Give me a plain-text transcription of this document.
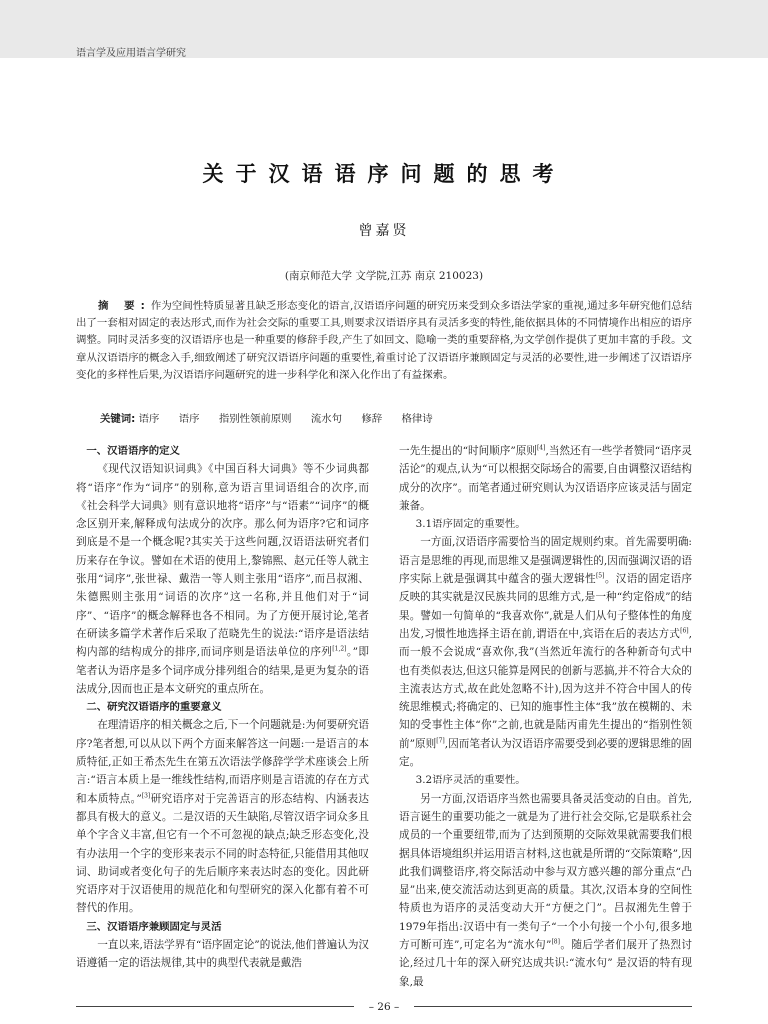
语言学及应用语言学研究
关于汉语语序问题的思考
曾嘉贤
(南京师范大学 文学院,江苏 南京 210023)
摘 要:作为空间性特质显著且缺乏形态变化的语言,汉语语序问题的研究历来受到众多语法学家的重视,通过多年研究他们总结出了一套相对固定的表达形式,而作为社会交际的重要工具,则要求汉语语序具有灵活多变的特性,能依据具体的不同情境作出相应的语序调整。同时灵活多变的汉语语序也是一种重要的修辞手段,产生了如回文、隐喻一类的重要辞格,为文学创作提供了更加丰富的手段。文章从汉语语序的概念入手,细致阐述了研究汉语语序问题的重要性,着重讨论了汉语语序兼顾固定与灵活的必要性,进一步阐述了汉语语序变化的多样性后果,为汉语语序问题研究的进一步科学化和深入化作出了有益探索。
关键词: 语序 语序 指别性领前原则 流水句 修辞 格律诗
一、汉语语序的定义

《现代汉语知识词典》《中国百科大词典》等不少词典都将“语序”作为“词序”的别称,意为语言里词语组合的次序,而《社会科学大词典》则有意识地将“语序”与“语素”“词序”的概念区别开来,解释成句法成分的次序。那么何为语序?它和词序到底是不是一个概念呢?其实关于这些问题,汉语语法研究者们历来存在争议。譬如在术语的使用上,黎锦熙、赵元任等人就主张用“词序”,张世禄、戴浩一等人则主张用“语序”,而吕叔湘、朱德熙则主张用“词语的次序”这一名称,并且他们对于“词序”、“语序”的概念解释也各不相同。为了方便开展讨论,笔者在研读多篇学术著作后采取了范晓先生的说法:“语序是语法结构内部的结构成分的排序,而词序则是语法单位的序列[1,2]。”即笔者认为语序是多个词序成分排列组合的结果,是更为复杂的语法成分,因而也正是本文研究的重点所在。

二、研究汉语语序的重要意义

在理清语序的相关概念之后,下一个问题就是:为何要研究语序?笔者想,可以从以下两个方面来解答这一问题:一是语言的本质特征,正如王希杰先生在第五次语法学修辞学学术座谈会上所言:“语言本质上是一维线性结构,而语序则是言语流的存在方式和本质特点。”[3]研究语序对于完善语言的形态结构、内涵表达都具有极大的意义。二是汉语的天生缺陷,尽管汉语字词众多且单个字含义丰富,但它有一个不可忽视的缺点;缺乏形态变化,没有办法用一个字的变形来表示不同的时态特征,只能借用其他叹词、助词或者变化句子的先后顺序来表达时态的变化。因此研究语序对于汉语使用的规范化和句型研究的深入化都有着不可替代的作用。

三、汉语语序兼顾固定与灵活

一直以来,语法学界有“语序固定论”的说法,他们普遍认为汉语遵循一定的语法规律,其中的典型代表就是戴浩

一先生提出的“时间顺序”原则[4],当然还有一些学者赞同“语序灵活论”的观点,认为“可以根据交际场合的需要,自由调整汉语结构成分的次序”。而笔者通过研究则认为汉语语序应该灵活与固定兼备。
3.1语序固定的重要性。

一方面,汉语语序需要恰当的固定规则约束。首先需要明确:语言是思维的再现,而思维又是强调逻辑性的,因而强调汉语的语序实际上就是强调其中蕴含的强大逻辑性[5]。汉语的固定语序反映的其实就是汉民族共同的思维方式,是一种“约定俗成”的结果。譬如一句简单的“我喜欢你”,就是人们从句子整体性的角度出发,习惯性地选择主语在前,谓语在中,宾语在后的表达方式[6],而一般不会说成“喜欢你,我”(当然近年流行的各种新奇句式中也有类似表达,但这只能算是网民的创新与恶搞,并不符合大众的主流表达方式,故在此处忽略不计),因为这并不符合中国人的传统思维模式;将确定的、已知的施事性主体“我”放在模糊的、未知的受事性主体“你”之前,也就是陆丙甫先生提出的“指别性领前”原则[7],因而笔者认为汉语语序需要受到必要的逻辑思维的固定。

3.2语序灵活的重要性。

另一方面,汉语语序当然也需要具备灵活变动的自由。首先,语言诞生的重要功能之一就是为了进行社会交际,它是联系社会成员的一个重要纽带,而为了达到预期的交际效果就需要我们根据具体语境组织并运用语言材料,这也就是所谓的“交际策略”,因此我们调整语序,将交际活动中参与双方感兴趣的部分重点“凸显”出来,使交流活动达到更高的质量。其次,汉语本身的空间性特质也为语序的灵活变动大开“方便之门”。吕叔湘先生曾于1979年指出:汉语中有一类句子“一个小句接一个小句,很多地方可断可连”,可定名为“流水句”[8]。随后学者们展开了热烈讨论,经过几十年的深入研究达成共识:“流水句” 是汉语的特有现象,最

– 26 –
